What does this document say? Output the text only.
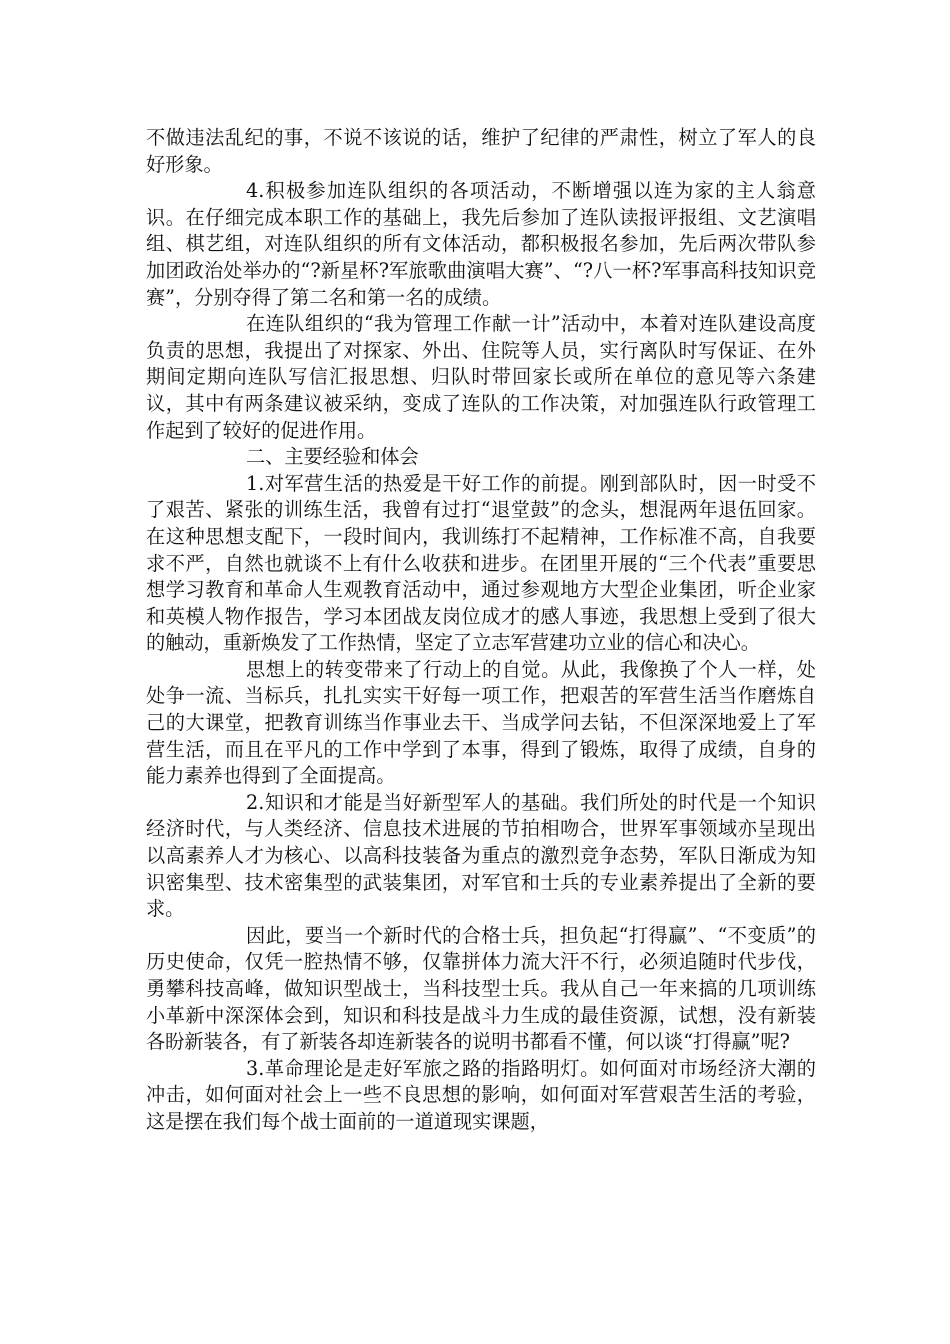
不做违法乱纪的事，不说不该说的话，维护了纪律的严肃性，树立了军人的良好形象。

4.积极参加连队组织的各项活动，不断增强以连为家的主人翁意识。在仔细完成本职工作的基础上，我先后参加了连队读报评报组、文艺演唱组、棋艺组，对连队组织的所有文体活动，都积极报名参加，先后两次带队参加团政治处举办的“?新星杯?军旅歌曲演唱大赛”、“?八一杯?军事高科技知识竞赛”，分别夺得了第二名和第一名的成绩。

在连队组织的“我为管理工作献一计”活动中，本着对连队建设高度负责的思想，我提出了对探家、外出、住院等人员，实行离队时写保证、在外期间定期向连队写信汇报思想、归队时带回家长或所在单位的意见等六条建议，其中有两条建议被采纳，变成了连队的工作决策，对加强连队行政管理工作起到了较好的促进作用。

二、主要经验和体会

1.对军营生活的热爱是干好工作的前提。刚到部队时，因一时受不了艰苦、紧张的训练生活，我曾有过打“退堂鼓”的念头，想混两年退伍回家。在这种思想支配下，一段时间内，我训练打不起精神，工作标准不高，自我要求不严，自然也就谈不上有什么收获和进步。在团里开展的“三个代表”重要思想学习教育和革命人生观教育活动中，通过参观地方大型企业集团，听企业家和英模人物作报告，学习本团战友岗位成才的感人事迹，我思想上受到了很大的触动，重新焕发了工作热情，坚定了立志军营建功立业的信心和决心。

思想上的转变带来了行动上的自觉。从此，我像换了个人一样，处处争一流、当标兵，扎扎实实干好每一项工作，把艰苦的军营生活当作磨炼自己的大课堂，把教育训练当作事业去干、当成学问去钻，不但深深地爱上了军营生活，而且在平凡的工作中学到了本事，得到了锻炼，取得了成绩，自身的能力素养也得到了全面提高。

2.知识和才能是当好新型军人的基础。我们所处的时代是一个知识经济时代，与人类经济、信息技术进展的节拍相吻合，世界军事领域亦呈现出以高素养人才为核心、以高科技装备为重点的激烈竞争态势，军队日渐成为知识密集型、技术密集型的武装集团，对军官和士兵的专业素养提出了全新的要求。

因此，要当一个新时代的合格士兵，担负起“打得赢”、“不变质”的历史使命，仅凭一腔热情不够，仅靠拼体力流大汗不行，必须追随时代步伐，勇攀科技高峰，做知识型战士，当科技型士兵。我从自己一年来搞的几项训练小革新中深深体会到，知识和科技是战斗力生成的最佳资源，试想，没有新装各盼新装各，有了新装各却连新装各的说明书都看不懂，何以谈“打得赢”呢?

3.革命理论是走好军旅之路的指路明灯。如何面对市场经济大潮的冲击，如何面对社会上一些不良思想的影响，如何面对军营艰苦生活的考验，这是摆在我们每个战士面前的一道道现实课题，
